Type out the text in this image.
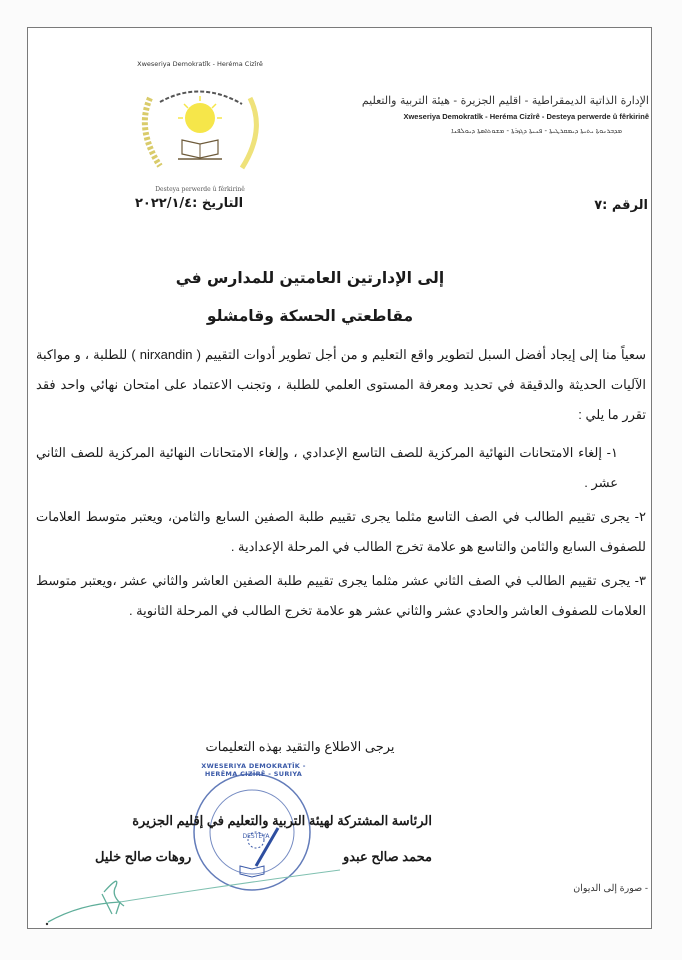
Xweseriya Demokratîk - Heréma Cizîrê
Desteya perwerde û fêrkirinê
الإدارة الذاتية الديمقراطية - اقليم الجزيرة - هيئة التربية والتعليم
Xweseriya Demokratîk - Heréma Cizîrê - Desteya perwerde û fêrkirinê
ܡܕܒܪܢܘܬܐ ܝܬܝܬܐ ܕܝܡܩܪܛܝܬܐ - ܦܢܝܬܐ ܕܓܙܪܬܐ - ܡܫܘܬܐܣܬܐ ܕܝܘܠܦܢܐ
الرقم :٧
التاريخ :٢٠٢٢/١/٤
إلى الإدارتين العامتين للمدارس في
مقاطعتي الحسكة وقامشلو

سعياً منا إلى إيجاد أفضل السبل لتطوير واقع التعليم و من أجل تطوير أدوات التقييم ( nirxandin ) للطلبة ، و مواكبة الآليات الحديثة والدقيقة في تحديد ومعرفة المستوى العلمي للطلبة ، وتجنب الاعتماد على امتحان نهائي واحد فقد تقرر ما يلي :

١- إلغاء الامتحانات النهائية المركزية للصف التاسع الإعدادي ، وإلغاء الامتحانات النهائية المركزية للصف الثاني عشر .

٢- يجرى تقييم الطالب في الصف التاسع مثلما يجرى تقييم طلبة الصفين السابع والثامن، ويعتبر متوسط العلامات للصفوف السابع والثامن والتاسع هو علامة تخرج الطالب في المرحلة الإعدادية .

٣- يجرى تقييم الطالب في الصف الثاني عشر مثلما يجرى تقييم طلبة الصفين العاشر والثاني عشر ،ويعتبر متوسط العلامات للصفوف العاشر والحادي عشر والثاني عشر هو علامة تخرج الطالب في المرحلة الثانوية .

يرجى الاطلاع والتقيد بهذه التعليمات
XWESERIYA DEMOKRATÎK - HERÊMA CIZÎRÊ - SURIYA
DESTEYA
الرئاسة المشتركة لهيئة التربية والتعليم في إقليم الجزيرة
محمد صالح عبدو
روهات صالح خليل
- صورة إلى الديوان
